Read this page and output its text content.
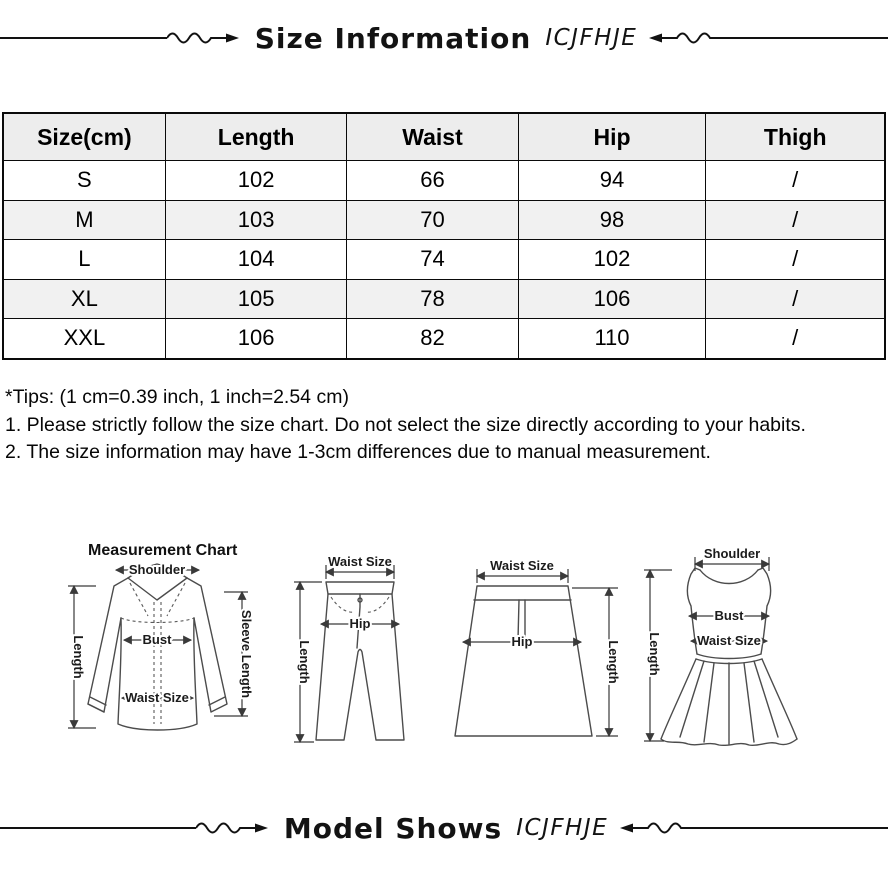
Size Information ICJFHJE
Size(cm)	Length	Waist	Hip	Thigh
S	102	66	94	/
M	103	70	98	/
L	104	74	102	/
XL	105	78	106	/
XXL	106	82	110	/
*Tips: (1 cm=0.39 inch, 1 inch=2.54 cm)
1. Please strictly follow the size chart. Do not select the size directly according to your habits.
2. The size information may have 1-3cm differences due to manual measurement.
Measurement Chart
Shoulder
Length	Bust
Waist Size	Sleeve Length
Waist Size
Hip
Length
Waist Size
Hip	Length
Shoulder
Bust
Waist Size
Length
Model Shows ICJFHJE
